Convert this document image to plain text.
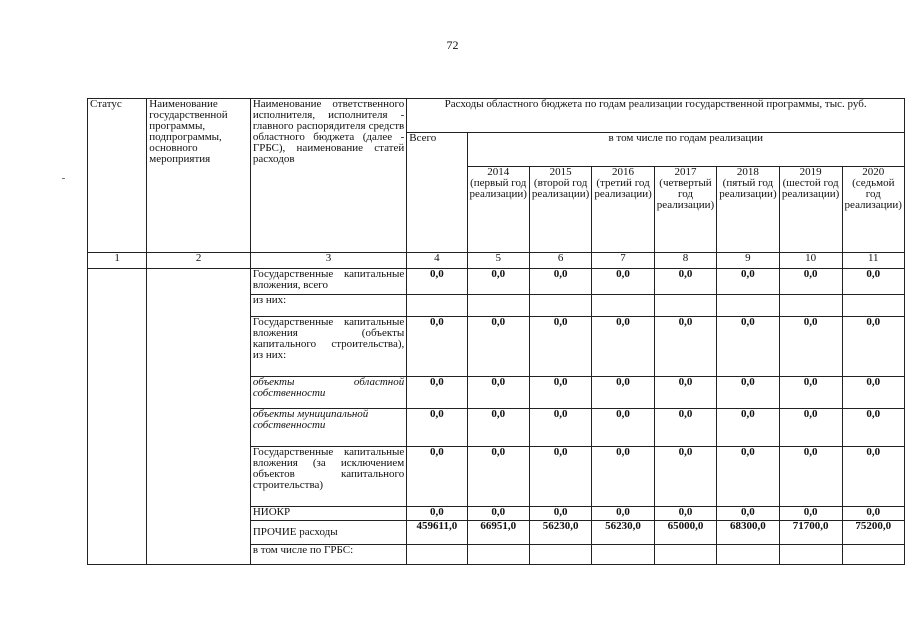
72
Статус	Наименование государственной программы, подпрограммы, основного мероприятия	Наименование ответственного исполнителя, исполнителя - главного распорядителя средств областного бюджета (далее - ГРБС), наименование статей расходов	Расходы областного бюджета по годам реализации государственной программы, тыс. руб.							
			Всего	в том числе по годам реализации						
				2014 (первый год реализации)	2015 (второй год реализации)	2016 (третий год реализации)	2017 (четвертый год реализации)	2018 (пятый год реализации)	2019 (шестой год реализации)	2020 (седьмой год реализации)
1	2	3	4	5	6	7	8	9	10	11
		Государственные капитальные вложения, всего	0,0	0,0	0,0	0,0	0,0	0,0	0,0	0,0
		из них:								
		Государственные капитальные вложения (объекты капитального строительства), из них:	0,0	0,0	0,0	0,0	0,0	0,0	0,0	0,0
		объекты областной собственности	0,0	0,0	0,0	0,0	0,0	0,0	0,0	0,0
		объекты муниципальной собственности	0,0	0,0	0,0	0,0	0,0	0,0	0,0	0,0
		Государственные капитальные вложения (за исключением объектов капитального строительства)	0,0	0,0	0,0	0,0	0,0	0,0	0,0	0,0
		НИОКР	0,0	0,0	0,0	0,0	0,0	0,0	0,0	0,0
		ПРОЧИЕ расходы	459611,0	66951,0	56230,0	56230,0	65000,0	68300,0	71700,0	75200,0
		в том числе по ГРБС:								
